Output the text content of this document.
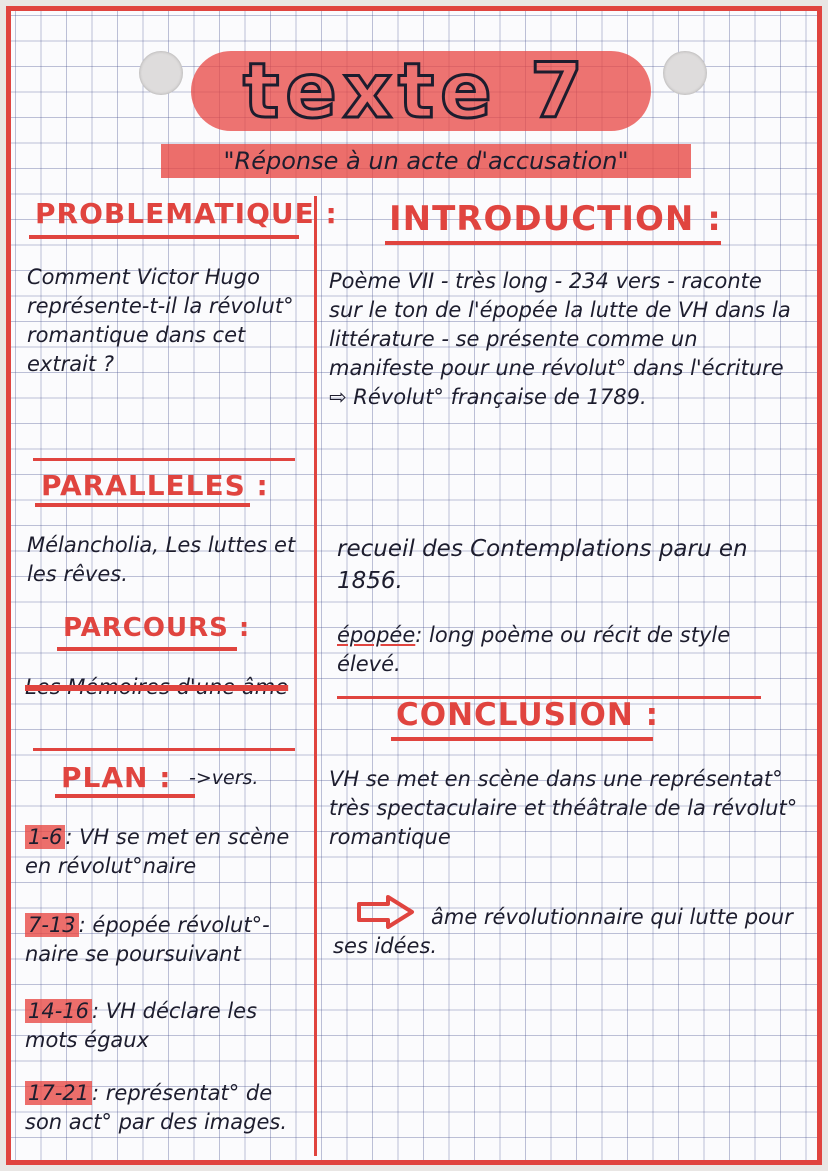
texte 7
"Réponse à un acte d'accusation"
PROBLEMATIQUE :
Comment Victor Hugo représente-t-il la révolut° romantique dans cet extrait ?
PARALLELES :
Mélancholia, Les luttes et les rêves.
PARCOURS :
Les Mémoires d'une âme
PLAN : ->vers.
1-6 : VH se met en scène en révolut°naire
7-13 : épopée révolut°-naire se poursuivant
14-16 : VH déclare les mots égaux
17-21 : représentat° de son act° par des images.
INTRODUCTION :
Poème VII - très long - 234 vers - raconte sur le ton de l'épopée la lutte de VH dans la littérature - se présente comme un manifeste pour une révolut° dans l'écriture ⇨ Révolut° française de 1789.
recueil des Contemplations paru en 1856.
épopée: long poème ou récit de style élevé.
CONCLUSION :
VH se met en scène dans une représentat° très spectaculaire et théâtrale de la révolut° romantique
âme révolutionnaire qui lutte pour ses idées.
